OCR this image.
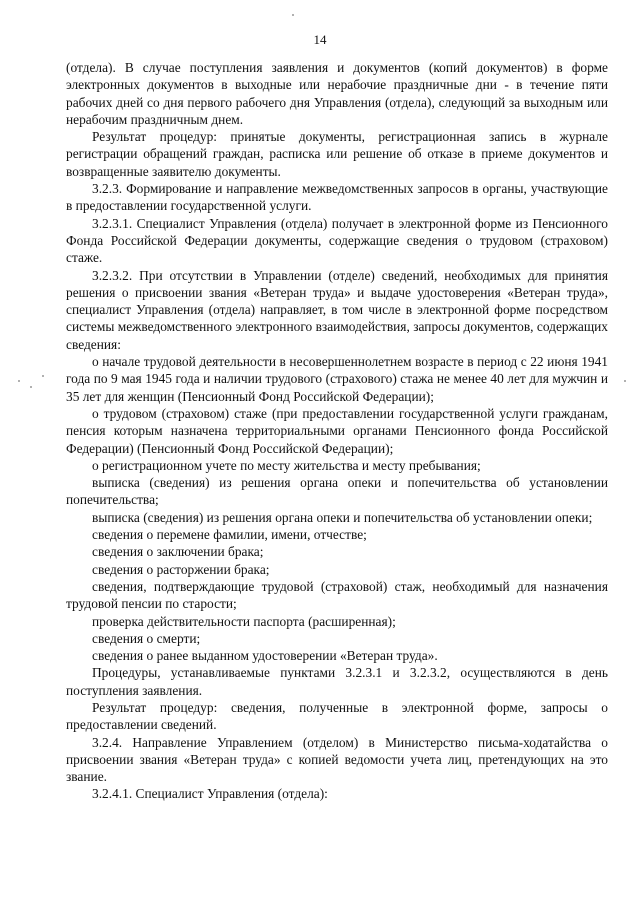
14

(отдела). В случае поступления заявления и документов (копий документов) в форме электронных документов в выходные или нерабочие праздничные дни - в течение пяти рабочих дней со дня первого рабочего дня Управления (отдела), следующий за выходным или нерабочим праздничным днем.

Результат процедур: принятые документы, регистрационная запись в журнале регистрации обращений граждан, расписка или решение об отказе в приеме документов и возвращенные заявителю документы.

3.2.3. Формирование и направление межведомственных запросов в органы, участвующие в предоставлении государственной услуги.

3.2.3.1. Специалист Управления (отдела) получает в электронной форме из Пенсионного Фонда Российской Федерации документы, содержащие сведения о трудовом (страховом) стаже.

3.2.3.2. При отсутствии в Управлении (отделе) сведений, необходимых для принятия решения о присвоении звания «Ветеран труда» и выдаче удостоверения «Ветеран труда», специалист Управления (отдела) направляет, в том числе в электронной форме посредством системы межведомственного электронного взаимодействия, запросы документов, содержащих сведения:

о начале трудовой деятельности в несовершеннолетнем возрасте в период с 22 июня 1941 года по 9 мая 1945 года и наличии трудового (страхового) стажа не менее 40 лет для мужчин и 35 лет для женщин (Пенсионный Фонд Российской Федерации);

о трудовом (страховом) стаже (при предоставлении государственной услуги гражданам, пенсия которым назначена территориальными органами Пенсионного фонда Российской Федерации) (Пенсионный Фонд Российской Федерации);

о регистрационном учете по месту жительства и месту пребывания;

выписка (сведения) из решения органа опеки и попечительства об установлении попечительства;

выписка (сведения) из решения органа опеки и попечительства об установлении опеки;

сведения о перемене фамилии, имени, отчестве;

сведения о заключении брака;

сведения о расторжении брака;

сведения, подтверждающие трудовой (страховой) стаж, необходимый для назначения трудовой пенсии по старости;

проверка действительности паспорта (расширенная);

сведения о смерти;

сведения о ранее выданном удостоверении «Ветеран труда».

Процедуры, устанавливаемые пунктами 3.2.3.1 и 3.2.3.2, осуществляются в день поступления заявления.

Результат процедур: сведения, полученные в электронной форме, запросы о предоставлении сведений.

3.2.4. Направление Управлением (отделом) в Министерство письма-ходатайства о присвоении звания «Ветеран труда» с копией ведомости учета лиц, претендующих на это звание.

3.2.4.1. Специалист Управления (отдела):
